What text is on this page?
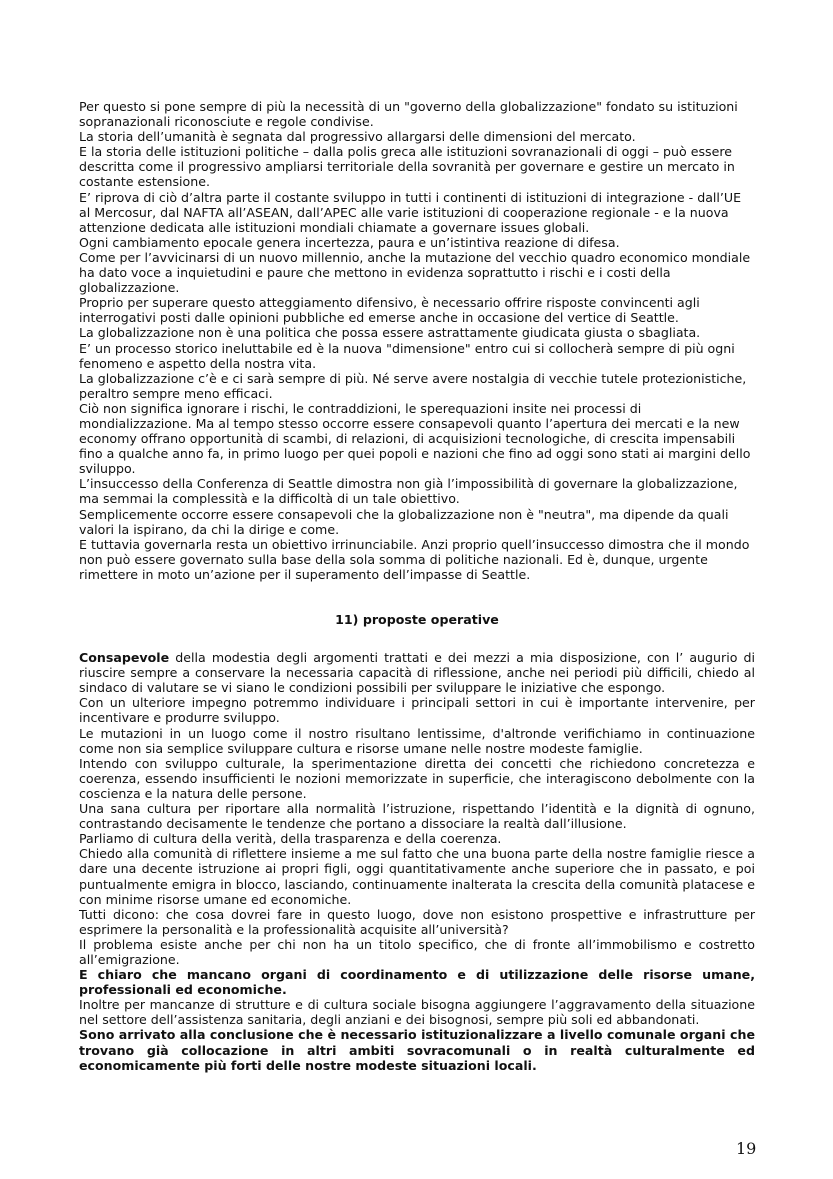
Per questo si pone sempre di più la necessità di un "governo della globalizzazione" fondato su istituzioni sopranazionali riconosciute e regole condivise.

La storia dell’umanità è segnata dal progressivo allargarsi delle dimensioni del mercato.

E la storia delle istituzioni politiche – dalla polis greca alle istituzioni sovranazionali di oggi – può essere descritta come il progressivo ampliarsi territoriale della sovranità per governare e gestire un mercato in costante estensione.

E’ riprova di ciò d’altra parte il costante sviluppo in tutti i continenti di istituzioni di integrazione - dall’UE al Mercosur, dal NAFTA all’ASEAN, dall’APEC alle varie istituzioni di cooperazione regionale - e la nuova attenzione dedicata alle istituzioni mondiali chiamate a governare issues globali.

Ogni cambiamento epocale genera incertezza, paura e un’istintiva reazione di difesa.

Come per l’avvicinarsi di un nuovo millennio, anche la mutazione del vecchio quadro economico mondiale ha dato voce a inquietudini e paure che mettono in evidenza soprattutto i rischi e i costi della globalizzazione.

Proprio per superare questo atteggiamento difensivo, è necessario offrire risposte convincenti agli interrogativi posti dalle opinioni pubbliche ed emerse anche in occasione del vertice di Seattle.

La globalizzazione non è una politica che possa essere astrattamente giudicata giusta o sbagliata.

E’ un processo storico ineluttabile ed è la nuova "dimensione" entro cui si collocherà sempre di più ogni fenomeno e aspetto della nostra vita.

La globalizzazione c’è e ci sarà sempre di più. Né serve avere nostalgia di vecchie tutele protezionistiche, peraltro sempre meno efficaci.

Ciò non significa ignorare i rischi, le contraddizioni, le sperequazioni insite nei processi di mondializzazione. Ma al tempo stesso occorre essere consapevoli quanto l’apertura dei mercati e la new economy offrano opportunità di scambi, di relazioni, di acquisizioni tecnologiche, di crescita impensabili fino a qualche anno fa, in primo luogo per quei popoli e nazioni che fino ad oggi sono stati ai margini dello sviluppo.

L’insuccesso della Conferenza di Seattle dimostra non già l’impossibilità di governare la globalizzazione, ma semmai la complessità e la difficoltà di un tale obiettivo.

Semplicemente occorre essere consapevoli che la globalizzazione non è "neutra", ma dipende da quali valori la ispirano, da chi la dirige e come.

E tuttavia governarla resta un obiettivo irrinunciabile. Anzi proprio quell’insuccesso dimostra che il mondo non può essere governato sulla base della sola somma di politiche nazionali. Ed è, dunque, urgente rimettere in moto un’azione per il superamento dell’impasse di Seattle.

11) proposte operative

Consapevole della modestia degli argomenti trattati e dei mezzi a mia disposizione, con l’ augurio di riuscire sempre a conservare la necessaria capacità di riflessione, anche nei periodi più difficili, chiedo al sindaco di valutare se vi siano le condizioni possibili per sviluppare le iniziative che espongo.

Con un ulteriore impegno potremmo individuare i principali settori in cui è importante intervenire, per incentivare e produrre sviluppo.

Le mutazioni in un luogo come il nostro risultano lentissime, d'altronde verifichiamo in continuazione come non sia semplice sviluppare cultura e risorse umane nelle nostre modeste famiglie.

Intendo con sviluppo culturale, la sperimentazione diretta dei concetti che richiedono concretezza e coerenza, essendo insufficienti le nozioni memorizzate in superficie, che interagiscono debolmente con la coscienza e la natura delle persone.

Una sana cultura per riportare alla normalità l’istruzione, rispettando l’identità e la dignità di ognuno, contrastando decisamente le tendenze che portano a dissociare la realtà dall’illusione.

Parliamo di cultura della verità, della trasparenza e della coerenza.

Chiedo alla comunità di riflettere insieme a me sul fatto che una buona parte della nostre famiglie riesce a dare una decente istruzione ai propri figli, oggi quantitativamente anche superiore che in passato, e poi puntualmente emigra in blocco, lasciando, continuamente inalterata la crescita della comunità platacese e con minime risorse umane ed economiche.

Tutti dicono: che cosa dovrei fare in questo luogo, dove non esistono prospettive e infrastrutture per esprimere la personalità e la professionalità acquisite all’università?

Il problema esiste anche per chi non ha un titolo specifico, che di fronte all’immobilismo e costretto all’emigrazione.

E chiaro che mancano organi di coordinamento e di utilizzazione delle risorse umane, professionali ed economiche.

Inoltre per mancanze di strutture e di cultura sociale bisogna aggiungere l’aggravamento della situazione nel settore dell’assistenza sanitaria, degli anziani e dei bisognosi, sempre più soli ed abbandonati.

Sono arrivato alla conclusione che è necessario istituzionalizzare a livello comunale organi che trovano già collocazione in altri ambiti sovracomunali o in realtà culturalmente ed economicamente più forti delle nostre modeste situazioni locali.

19
